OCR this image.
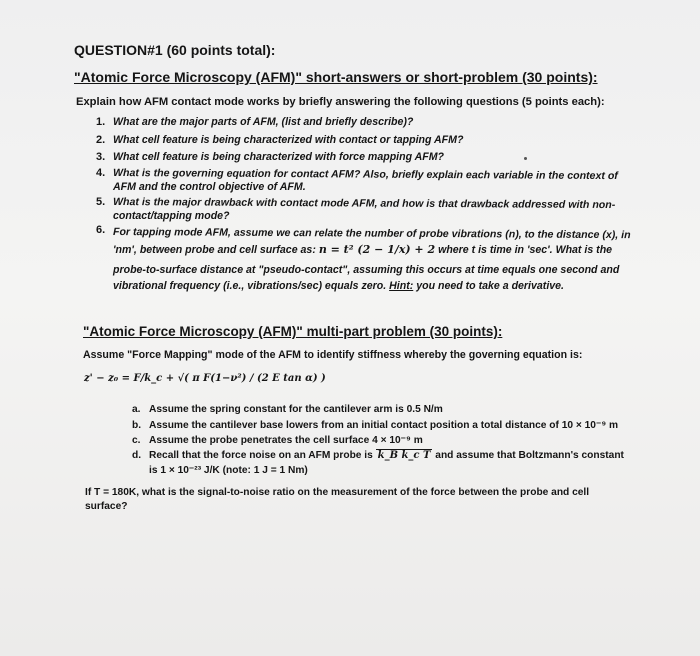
QUESTION#1 (60 points total):
"Atomic Force Microscopy (AFM)" short-answers or short-problem (30 points):
Explain how AFM contact mode works by briefly answering the following questions (5 points each):
1.
2.
3.
4.
5.
6.
What are the major parts of AFM, (list and briefly describe)?
What cell feature is being characterized with contact or tapping AFM?
What cell feature is being characterized with force mapping AFM?
What is the governing equation for contact AFM? Also, briefly explain each variable in the context of
AFM and the control objective of AFM.
What is the major drawback with contact mode AFM, and how is that drawback addressed with non-
contact/tapping mode?
For tapping mode AFM, assume we can relate the number of probe vibrations (n), to the distance (x), in
'nm', between probe and cell surface as: n = t² (2 − 1/x) + 2 where t is time in 'sec'. What is the
probe-to-surface distance at "pseudo-contact", assuming this occurs at time equals one second and
vibrational frequency (i.e., vibrations/sec) equals zero. Hint: you need to take a derivative.
"Atomic Force Microscopy (AFM)" multi-part problem (30 points):
Assume "Force Mapping" mode of the AFM to identify stiffness whereby the governing equation is:
z' − z₀ = F/k_c + √( π F(1−ν²) / (2 E tan α) )
a. Assume the spring constant for the cantilever arm is 0.5 N/m
b. Assume the cantilever base lowers from an initial contact position a total distance of 10 × 10⁻⁹ m
c. Assume the probe penetrates the cell surface 4 × 10⁻⁹ m
d. Recall that the force noise on an AFM probe is k_B k_c T and assume that Boltzmann's constant
is 1 × 10⁻²³ J/K (note: 1 J = 1 Nm)
If T = 180K, what is the signal-to-noise ratio on the measurement of the force between the probe and cell
surface?
